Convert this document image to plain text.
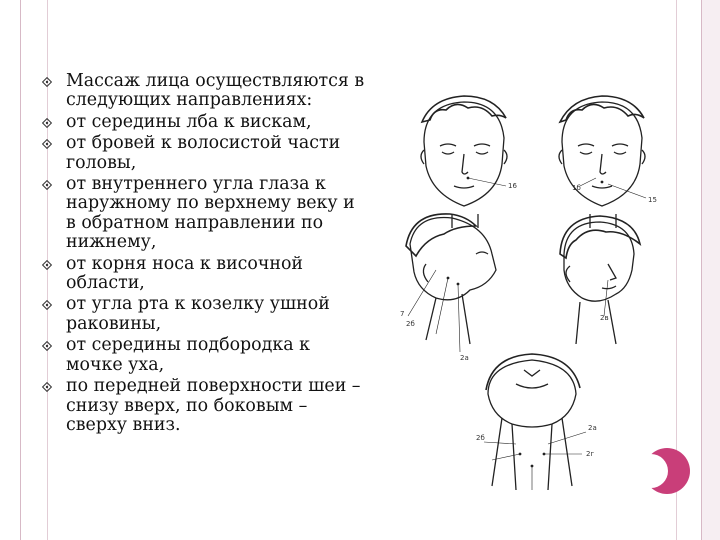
Массаж лица осуществляются в следующих направлениях:
от середины лба к вискам,
от бровей к волосистой части головы,
от внутреннего угла глаза к наружному по верхнему веку и в обратном направлении по нижнему,
от корня носа к височной области,
от угла рта к козелку ушной раковины,
от середины подбородка к мочке уха,
по передней поверхности шеи – снизу вверх, по боковым – сверху вниз.
16	1б
15
7
2б
2а
2в
2а
2б
2г
